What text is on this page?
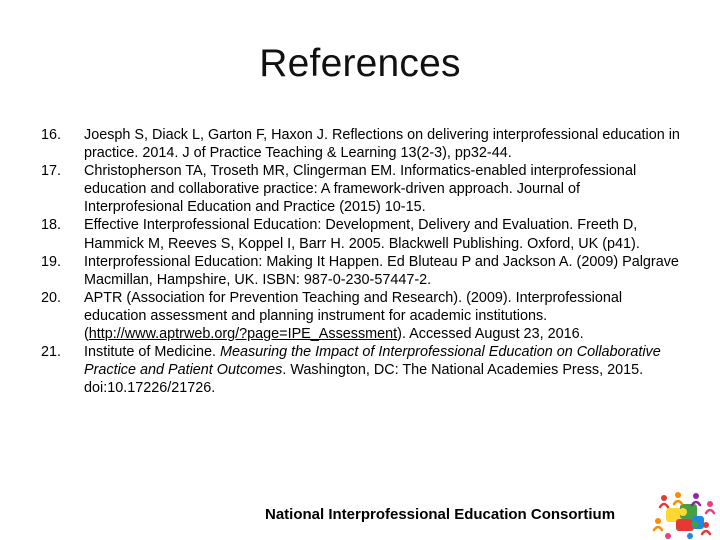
References
16.	Joesph S, Diack L, Garton F, Haxon J. Reflections on delivering interprofessional education in practice. 2014. J of Practice Teaching & Learning 13(2-3), pp32-44.
17.	Christopherson TA, Troseth MR, Clingerman EM. Informatics-enabled interprofessional education and collaborative practice: A framework-driven approach. Journal of Interprofesional Education and Practice (2015) 10-15.
18.	Effective Interprofessional Education: Development, Delivery and Evaluation. Freeth D, Hammick M, Reeves S, Koppel I, Barr H. 2005. Blackwell Publishing. Oxford, UK (p41).
19.	Interprofessional Education: Making It Happen. Ed Bluteau P and Jackson A. (2009) Palgrave Macmillan, Hampshire, UK. ISBN: 987-0-230-57447-2.
20.	APTR (Association for Prevention Teaching and Research). (2009). Interprofessional education assessment and planning instrument for academic institutions. (http://www.aptrweb.org/?page=IPE_Assessment). Accessed August 23, 2016.
21.	Institute of Medicine. Measuring the Impact of Interprofessional Education on Collaborative Practice and Patient Outcomes. Washington, DC: The National Academies Press, 2015. doi:10.17226/21726.
National Interprofessional Education Consortium
